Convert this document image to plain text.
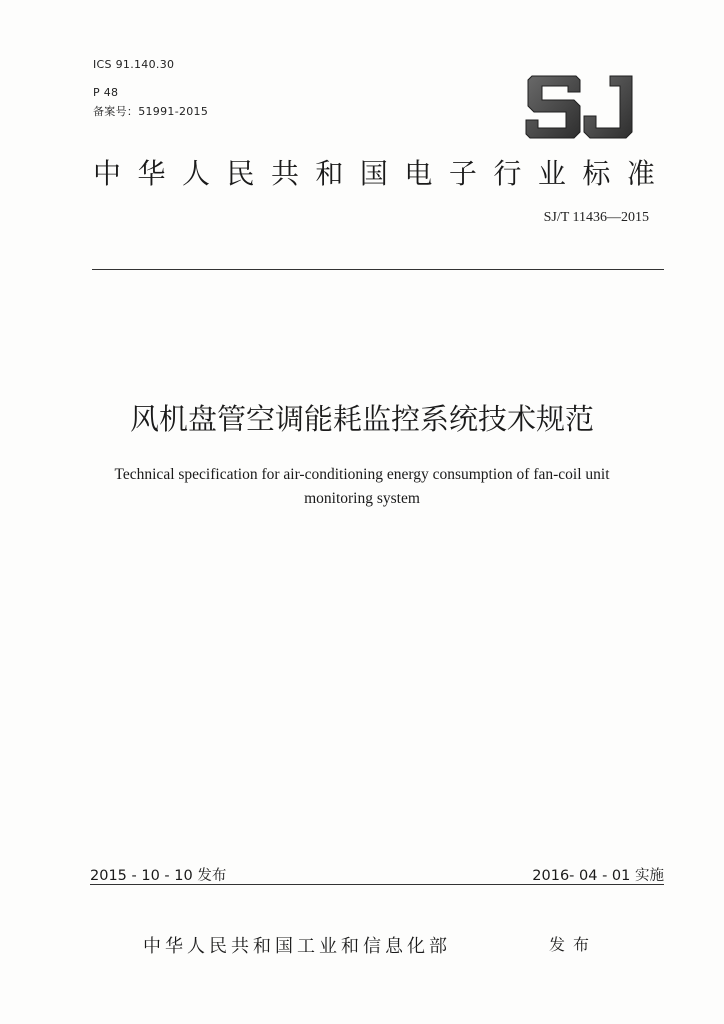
ICS 91.140.30
P 48
备案号：51991-2015
中 华 人 民 共 和 国 电 子 行 业 标 准
SJ/T 11436—2015
风机盘管空调能耗监控系统技术规范
Technical specification for air-conditioning energy consumption of fan-coil unit
monitoring system
2015 - 10 - 10 发布	2016- 04 - 01 实施
中华人民共和国工业和信息化部	发布
